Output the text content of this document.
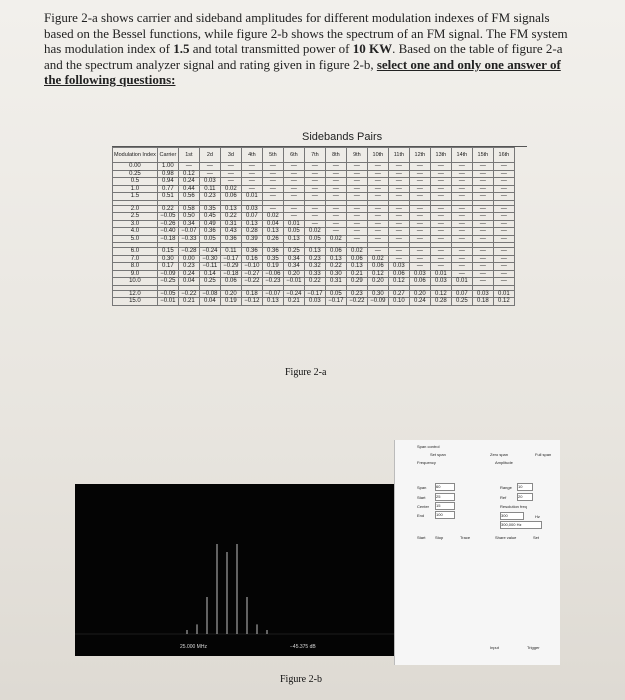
Figure 2-a shows carrier and sideband amplitudes for different modulation indexes of FM signals based on the Bessel functions, while figure 2-b shows the spectrum of an FM signal. The FM system has modulation index of 1.5 and total transmitted power of 10 KW. Based on the table of figure 2-a and the spectrum analyzer signal and rating given in figure 2-b, select one and only one answer of the following questions:
Sidebands Pairs
Modulation Index	Carrier	1st	2d	3d	4th	5th	6th	7th	8th	9th	10th	11th	12th	13th	14th	15th	16th
0.00	1.00	—	—	—	—	—	—	—	—	—	—	—	—	—	—	—	—
0.25	0.98	0.12	—	—	—	—	—	—	—	—	—	—	—	—	—	—	—
0.5	0.94	0.24	0.03	—	—	—	—	—	—	—	—	—	—	—	—	—	—
1.0	0.77	0.44	0.11	0.02	—	—	—	—	—	—	—	—	—	—	—	—	—
1.5	0.51	0.56	0.23	0.06	0.01	—	—	—	—	—	—	—	—	—	—	—	—

2.0	0.22	0.58	0.35	0.13	0.03	—	—	—	—	—	—	—	—	—	—	—	—
2.5	−0.05	0.50	0.45	0.22	0.07	0.02	—	—	—	—	—	—	—	—	—	—	—
3.0	−0.26	0.34	0.49	0.31	0.13	0.04	0.01	—	—	—	—	—	—	—	—	—	—
4.0	−0.40	−0.07	0.36	0.43	0.28	0.13	0.05	0.02	—	—	—	—	—	—	—	—	—
5.0	−0.18	−0.33	0.05	0.36	0.39	0.26	0.13	0.05	0.02	—	—	—	—	—	—	—	—

6.0	0.15	−0.28	−0.24	0.11	0.36	0.36	0.25	0.13	0.06	0.02	—	—	—	—	—	—	—
7.0	0.30	0.00	−0.30	−0.17	0.16	0.35	0.34	0.23	0.13	0.06	0.02	—	—	—	—	—	—
8.0	0.17	0.23	−0.11	−0.29	−0.10	0.19	0.34	0.32	0.22	0.13	0.06	0.03	—	—	—	—	—
9.0	−0.09	0.24	0.14	−0.18	−0.27	−0.06	0.20	0.33	0.30	0.21	0.12	0.06	0.03	0.01	—	—	—
10.0	−0.25	0.04	0.25	0.06	−0.22	−0.23	−0.01	0.22	0.31	0.29	0.20	0.12	0.06	0.03	0.01	—	—

12.0	−0.05	−0.22	−0.08	0.20	0.18	−0.07	−0.24	−0.17	0.05	0.23	0.30	0.27	0.20	0.12	0.07	0.03	0.01
15.0	−0.01	0.21	0.04	0.19	−0.12	0.13	0.21	0.03	−0.17	−0.22	−0.09	0.10	0.24	0.28	0.25	0.18	0.12
Figure 2-a
25.000 MHz	−45.375 dB
Span control
Set span	Zero span	Full span
Frequency	Amplitude
Span 60
Start	25
Center 15
End	100
Range 10
Ref	20
Resolution freq
300	Hz
300,000 Hz
Start Stop	Trace	Share value	Set
Input	Trigger
Figure 2-b
